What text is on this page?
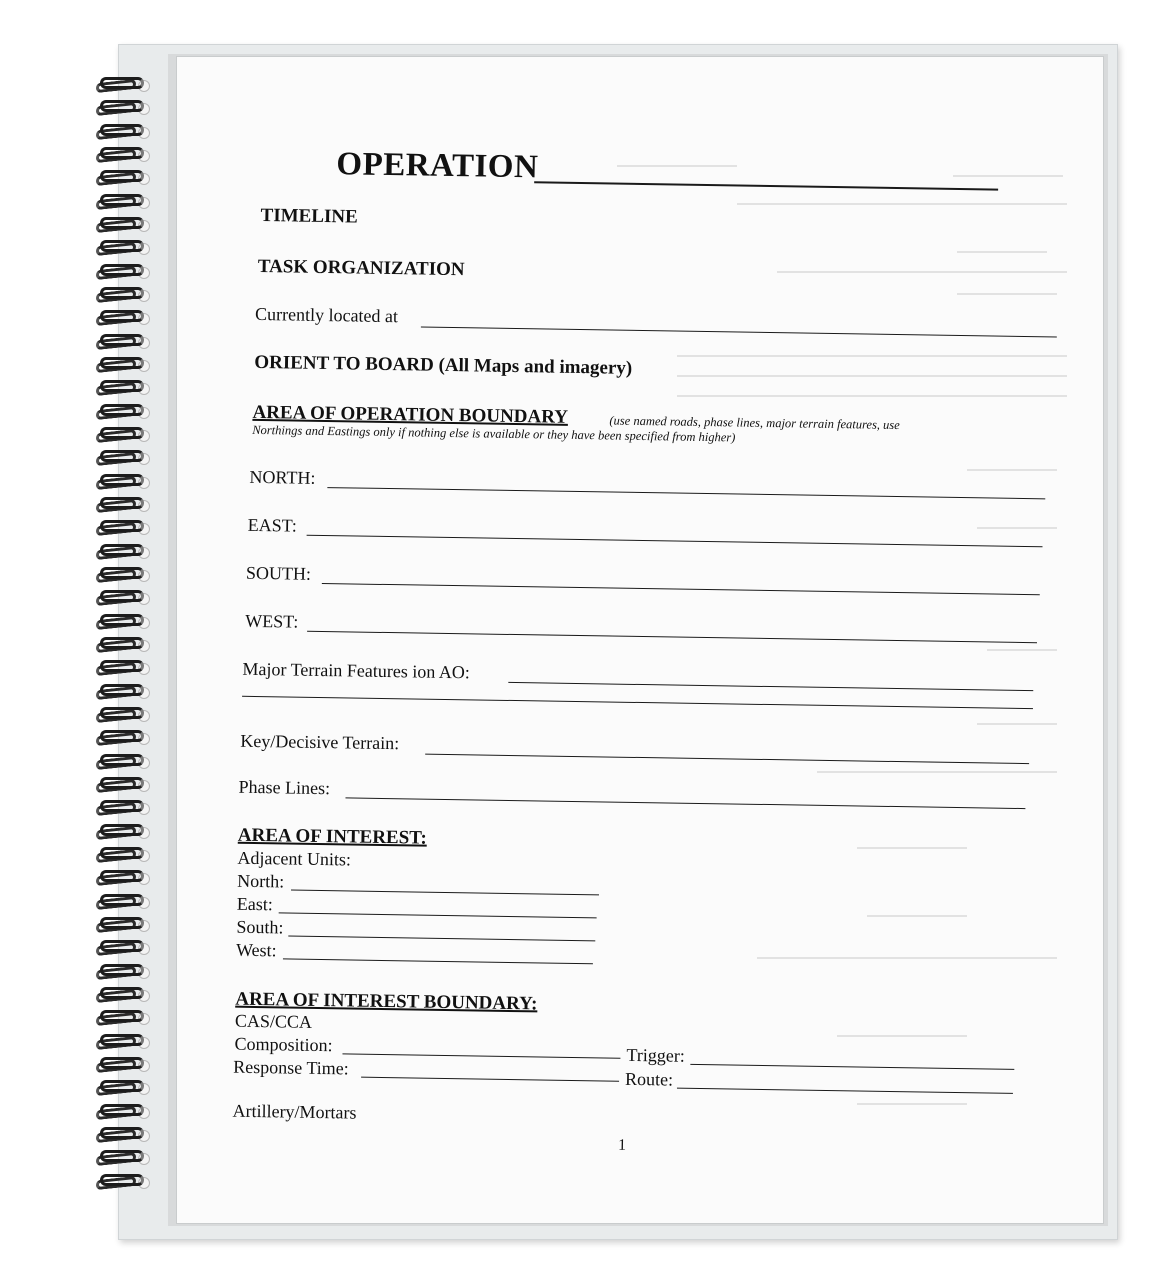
OPERATION
TIMELINE
TASK ORGANIZATION
Currently located at
ORIENT TO BOARD (All Maps and imagery)
AREA OF OPERATION BOUNDARY	(use named roads, phase lines, major terrain features, use
Northings and Eastings only if nothing else is available or they have been specified from higher)
NORTH:
EAST:
SOUTH:
WEST:
Major Terrain Features ion AO:
Key/Decisive Terrain:
Phase Lines:
AREA OF INTEREST:
Adjacent Units:
North:
East:
South:
West:
AREA OF INTEREST BOUNDARY:
CAS/CCA
Composition:
Trigger:
Response Time:
Route:
Artillery/Mortars
1
